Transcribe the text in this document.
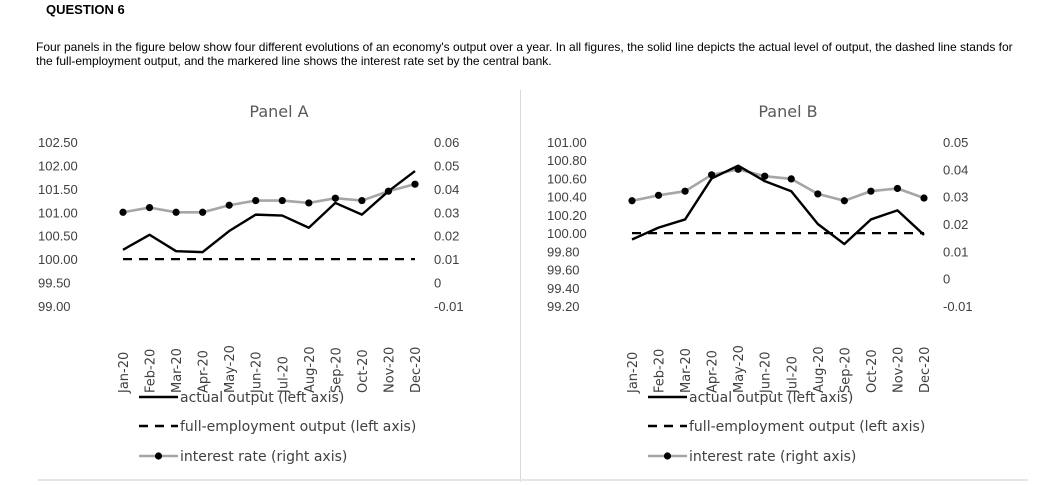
QUESTION 6
Four panels in the figure below show four different evolutions of an economy's output over a year. In all figures, the solid line depicts the actual level of output, the dashed line stands for the full-employment output, and the markered line shows the interest rate set by the central bank.
Panel A
102.50
102.00
101.50
101.00
100.50
100.00
99.50
99.00
0.06
0.05
0.04
0.03
0.02
0.01
0
-0.01
Jan-20 Feb-20 Mar-20 Apr-20 May-20 Jun-20 Jul-20 Aug-20 Sep-20 Oct-20 Nov-20 Dec-20
actual output (left axis)
full-employment output (left axis)
interest rate (right axis)
Panel B
101.00
100.80
100.60
100.40
100.20
100.00
99.80
99.60
99.40
99.20
0.05
0.04
0.03
0.02
0.01
0
-0.01
Jan-20 Feb-20 Mar-20 Apr-20 May-20 Jun-20 Jul-20 Aug-20 Sep-20 Oct-20 Nov-20 Dec-20
actual output (left axis)
full-employment output (left axis)
interest rate (right axis)
